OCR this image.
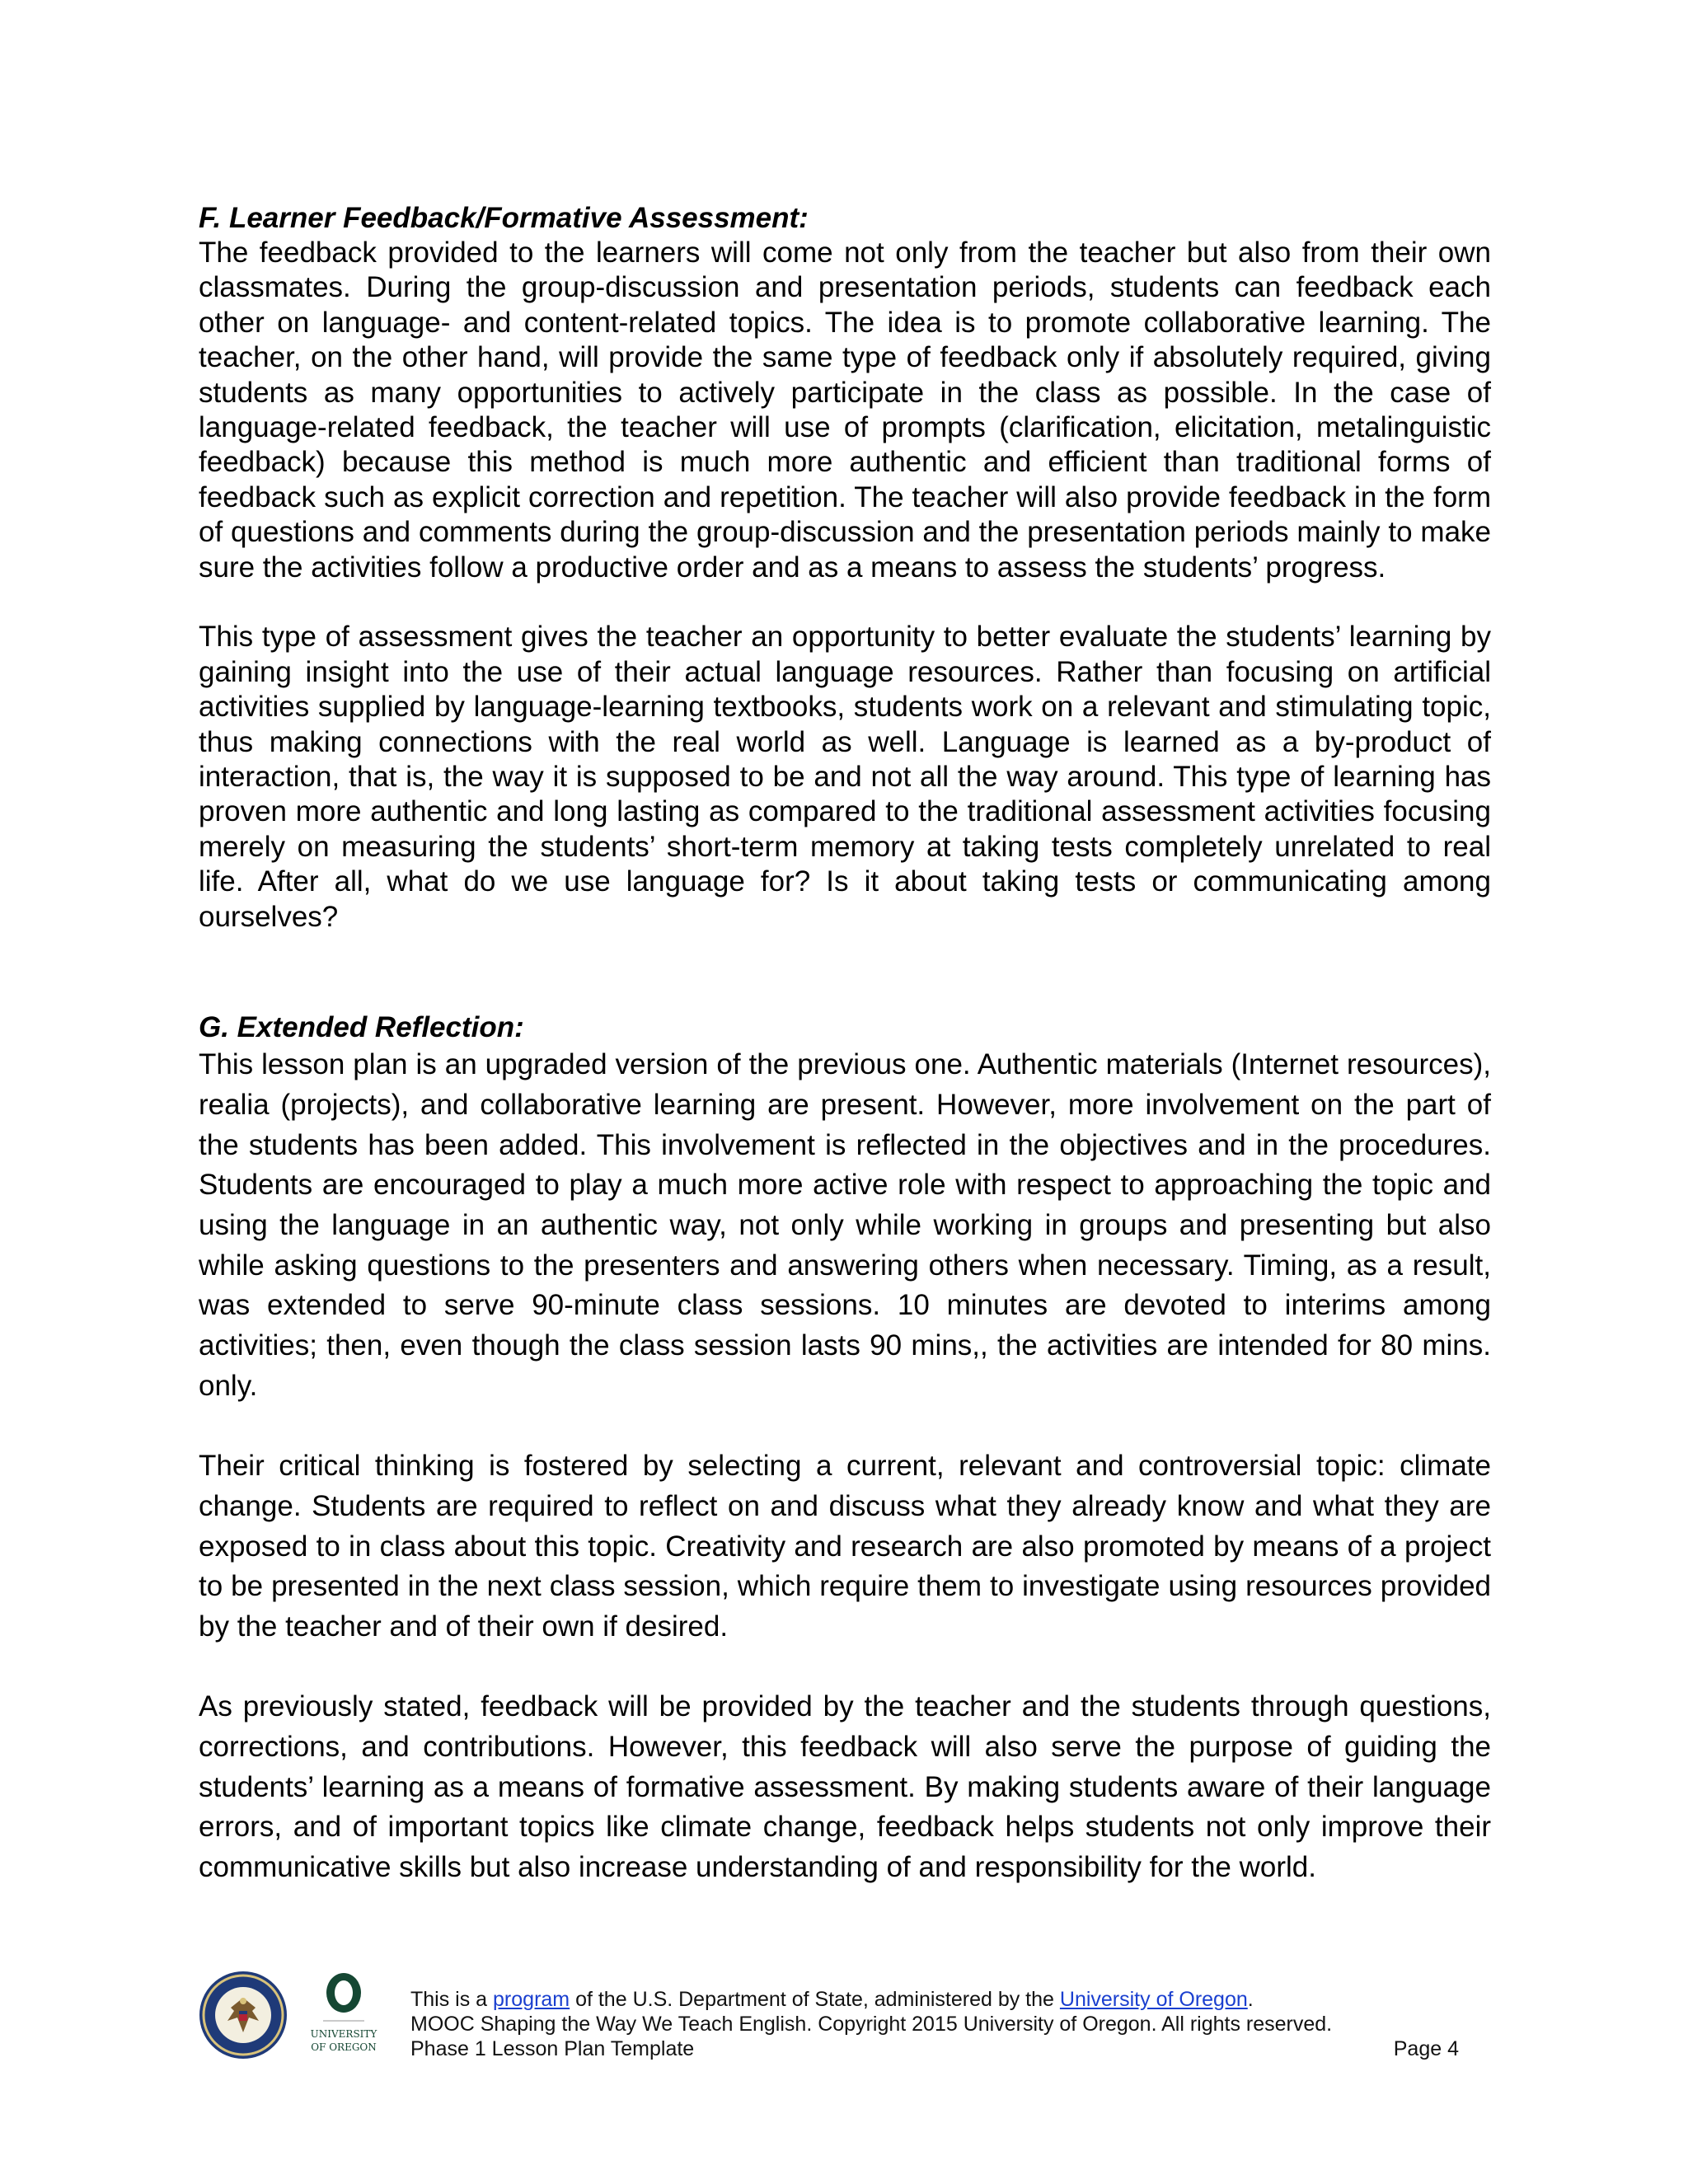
F. Learner Feedback/Formative Assessment:

The feedback provided to the learners will come not only from the teacher but also from their own classmates. During the group-discussion and presentation periods, students can feedback each other on language- and content-related topics. The idea is to promote collaborative learning. The teacher, on the other hand, will provide the same type of feedback only if absolutely required, giving students as many opportunities to actively participate in the class as possible. In the case of language-related feedback, the teacher will use of prompts (clarification, elicitation, metalinguistic feedback) because this method is much more authentic and efficient than traditional forms of feedback such as explicit correction and repetition. The teacher will also provide feedback in the form of questions and comments during the group-discussion and the presentation periods mainly to make sure the activities follow a productive order and as a means to assess the students’ progress.

This type of assessment gives the teacher an opportunity to better evaluate the students’ learning by gaining insight into the use of their actual language resources. Rather than focusing on artificial activities supplied by language-learning textbooks, students work on a relevant and stimulating topic, thus making connections with the real world as well. Language is learned as a by-product of interaction, that is, the way it is supposed to be and not all the way around. This type of learning has proven more authentic and long lasting as compared to the traditional assessment activities focusing merely on measuring the students’ short-term memory at taking tests completely unrelated to real life. After all, what do we use language for? Is it about taking tests or communicating among ourselves?

G. Extended Reflection:

This lesson plan is an upgraded version of the previous one. Authentic materials (Internet resources), realia (projects), and collaborative learning are present. However, more involvement on the part of the students has been added. This involvement is reflected in the objectives and in the procedures. Students are encouraged to play a much more active role with respect to approaching the topic and using the language in an authentic way, not only while working in groups and presenting but also while asking questions to the presenters and answering others when necessary. Timing, as a result, was extended to serve 90-minute class sessions. 10 minutes are devoted to interims among activities; then, even though the class session lasts 90 mins,, the activities are intended for 80 mins. only.

Their critical thinking is fostered by selecting a current, relevant and controversial topic: climate change. Students are required to reflect on and discuss what they already know and what they are exposed to in class about this topic. Creativity and research are also promoted by means of a project to be presented in the next class session, which require them to investigate using resources provided by the teacher and of their own if desired.

As previously stated, feedback will be provided by the teacher and the students through questions, corrections, and contributions. However, this feedback will also serve the purpose of guiding the students’ learning as a means of formative assessment. By making students aware of their language errors, and of important topics like climate change, feedback helps students not only improve their communicative skills but also increase understanding of and responsibility for the world.

UNIVERSITY
OF OREGON
This is a program of the U.S. Department of State, administered by the University of Oregon.
MOOC Shaping the Way We Teach English. Copyright 2015 University of Oregon. All rights reserved.
Phase 1 Lesson Plan Template	Page 4
